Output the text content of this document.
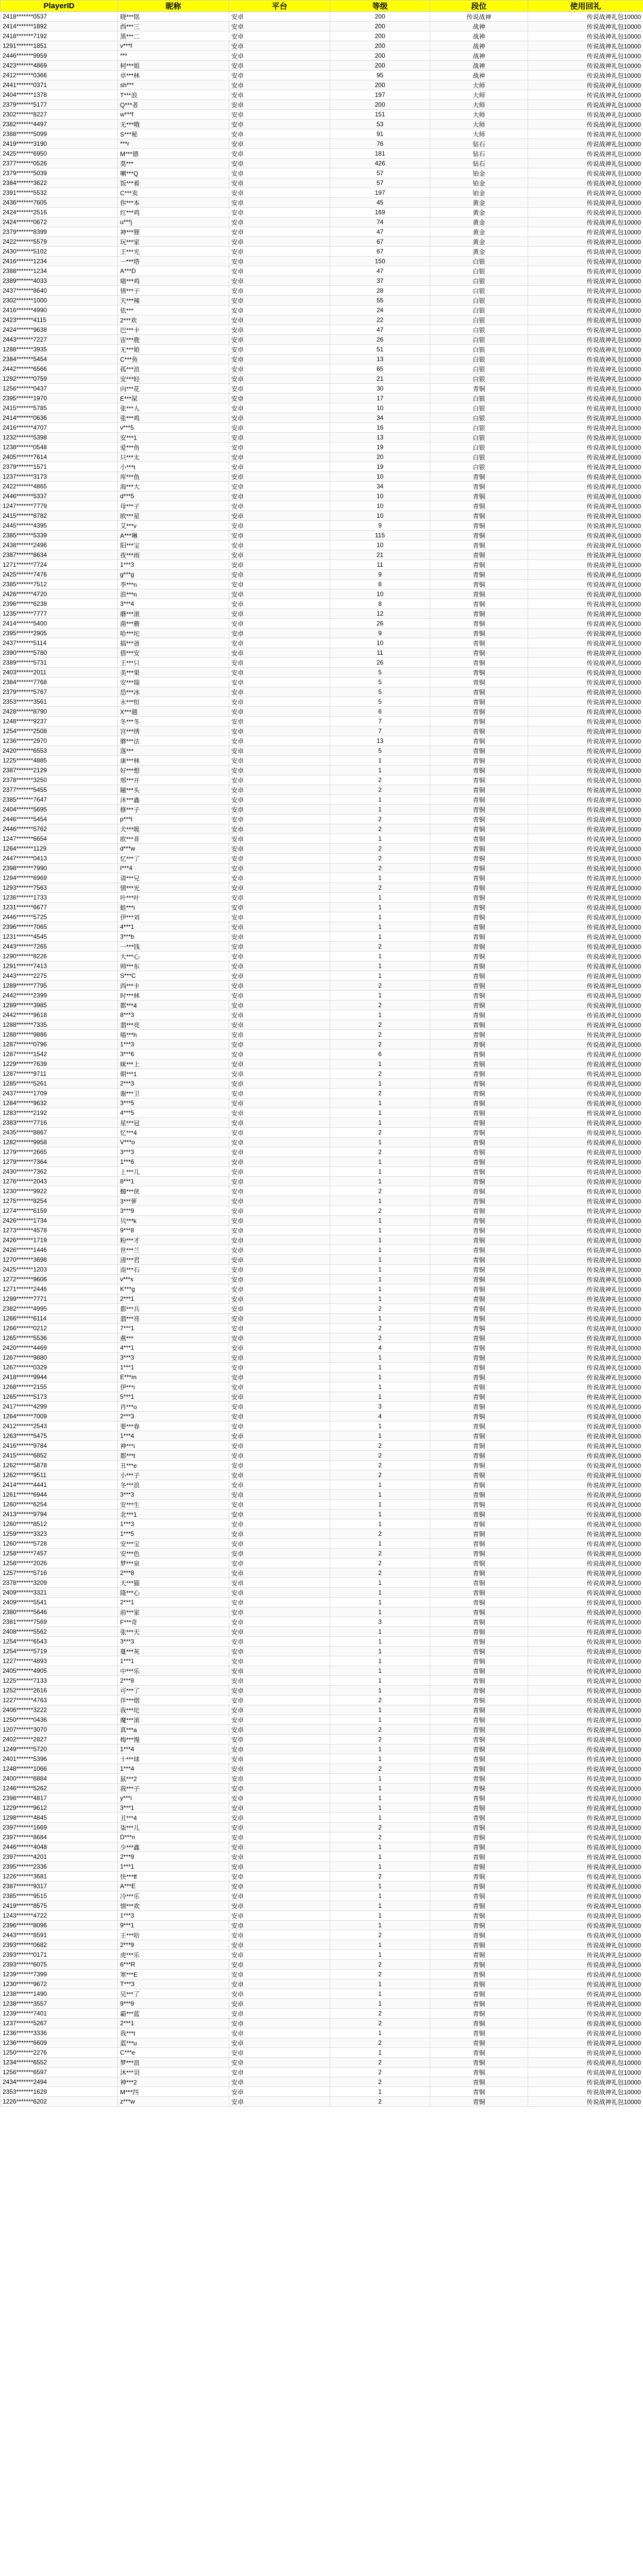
PlayerID	昵称	平台	等级	段位	使用回礼
2418*******0537	晓***铭	安卓	200	传说战神	传说战神礼包10000
2414*******1892	西***三	安卓	200	战神	传说战神礼包10000
2418*******7192	黑***二	安卓	200	战神	传说战神礼包10000
1291*******1851	v***f	安卓	200	战神	传说战神礼包10000
2446*******9959	***	安卓	200	战神	传说战神礼包10000
2423*******4869	柯***姐	安卓	200	战神	传说战神礼包10000
2412*******0366	卓***林	安卓	95	战神	传说战神礼包10000
2441*******0371	sh***	安卓	200	大师	传说战神礼包10000
2404*******1378	T***浪	安卓	197	大师	传说战神礼包10000
2379*******5177	Q***者	安卓	200	大师	传说战神礼包10000
2302*******8227	w***f	安卓	151	大师	传说战神礼包10000
2382*******4497	无***哦	安卓	53	大师	传说战神礼包10000
2388*******5099	S***秘	安卓	91	大师	传说战神礼包10000
2419*******3190	***r	安卓	76	钻石	传说战神礼包10000
2425*******6950	M***德	安卓	181	钻石	传说战神礼包10000
2377*******0526	莫***	安卓	426	钻石	传说战神礼包10000
2379*******5039	喇***Q	安卓	57	铂金	传说战神礼包10000
2384*******3622	饭***着	安卓	57	铂金	传说战神礼包10000
2391*******5532	C***卖	安卓	197	铂金	传说战神礼包10000
2436*******7605	你***本	安卓	45	黄金	传说战神礼包10000
2424*******2516	红***鸡	安卓	169	黄金	传说战神礼包10000
2424*******0672	u***j	安卓	74	黄金	传说战神礼包10000
2379*******8399	神***狸	安卓	47	黄金	传说战神礼包10000
2422*******5579	玩***家	安卓	67	黄金	传说战神礼包10000
2430*******5102	王***光	安卓	67	黄金	传说战神礼包10000
2416*******1234	一***塔	安卓	150	白银	传说战神礼包10000
2388*******1234	A***D	安卓	47	白银	传说战神礼包10000
2389*******4033	喵***鸡	安卓	37	白银	传说战神礼包10000
2437*******8640	情***子	安卓	28	白银	传说战神礼包10000
2302*******1000	天***辣	安卓	55	白银	传说战神礼包10000
2416*******4990	依***	安卓	24	白银	传说战神礼包10000
2423*******4115	2***欢	安卓	22	白银	传说战神礼包10000
2424*******9638	巴***卡	安卓	47	白银	传说战神礼包10000
2443*******7227	宙***鹿	安卓	26	白银	传说战神礼包10000
1288*******3935	无***娘	安卓	51	白银	传说战神礼包10000
2384*******5454	C***鱼	安卓	13	白银	传说战神礼包10000
2442*******6566	孤***浪	安卓	65	白银	传说战神礼包10000
1292*******0759	安***轻	安卓	21	白银	传说战神礼包10000
1256*******0437	向***花	安卓	30	青铜	传说战神礼包10000
2395*******1970	E***屎	安卓	17	白银	传说战神礼包10000
2415*******5785	张***人	安卓	10	白银	传说战神礼包10000
2414*******0636	张***鸡	安卓	34	白银	传说战神礼包10000
2416*******4707	v***5	安卓	16	白银	传说战神礼包10000
1232*******5398	安***1	安卓	13	白银	传说战神礼包10000
1238*******0548	爱***鱼	安卓	19	白银	传说战神礼包10000
2405*******7614	只***太	安卓	20	白银	传说战神礼包10000
2379*******1571	小***t	安卓	19	白银	传说战神礼包10000
1237*******3173	库***鱼	安卓	10	青铜	传说战神礼包10000
2422*******4865	海***大	安卓	34	青铜	传说战神礼包10000
2446*******5337	d***5	安卓	10	青铜	传说战神礼包10000
1247*******7779	母***子	安卓	10	青铜	传说战神礼包10000
2415*******8782	欧***星	安卓	10	青铜	传说战神礼包10000
2445*******4395	艾***v	安卓	9	青铜	传说战神礼包10000
2385*******5339	A***琳	安卓	115	青铜	传说战神礼包10000
2438*******2496	阳***宝	安卓	10	青铜	传说战神礼包10000
2387*******8634	夜***雨	安卓	21	青铜	传说战神礼包10000
1271*******7724	1***3	安卓	11	青铜	传说战神礼包10000
2425*******7476	g***g	安卓	9	青铜	传说战神礼包10000
2385*******7512	李***n	安卓	8	青铜	传说战神礼包10000
2426*******4720	浪***n	安卓	10	青铜	传说战神礼包10000
2396*******6238	3***4	安卓	8	青铜	传说战神礼包10000
1235*******7777	蘑***滚	安卓	12	青铜	传说战神礼包10000
2414*******5400	菌***蘑	安卓	26	青铜	传说战神礼包10000
2395*******2905	哈***坨	安卓	9	青铜	传说战神礼包10000
2437*******5114	搞***爸	安卓	10	青铜	传说战神礼包10000
2390*******5780	借***安	安卓	11	青铜	传说战神礼包10000
2389*******5731	王***只	安卓	26	青铜	传说战神礼包10000
2403*******2011	美***果	安卓	5	青铜	传说战神礼包10000
2384*******7768	安***瑞	安卓	5	青铜	传说战神礼包10000
2379*******5767	恐***冰	安卓	5	青铜	传说战神礼包10000
2353*******3561	永***恒	安卓	5	青铜	传说战神礼包10000
2428*******8790	X***越	安卓	6	青铜	传说战神礼包10000
1248*******9237	冬***冬	安卓	7	青铜	传说战神礼包10000
1254*******2508	宫***绣	安卓	7	青铜	传说战神礼包10000
1236*******2970	蘑***法	安卓	13	青铜	传说战神礼包10000
2420*******6553	落***	安卓	5	青铜	传说战神礼包10000
1225*******4885	康***林	安卓	1	青铜	传说战神礼包10000
2387*******2129	好***想	安卓	1	青铜	传说战神礼包10000
2378*******3250	邢***开	安卓	2	青铜	传说战神礼包10000
2377*******5455	瞳***头	安卓	2	青铜	传说战神礼包10000
2385*******7647	沐***鑫	安卓	1	青铜	传说战神礼包10000
2404*******5695	修***子	安卓	1	青铜	传说战神礼包10000
2446*******5454	p***t	安卓	2	青铜	传说战神礼包10000
2446*******5762	犬***吸	安卓	2	青铜	传说战神礼包10000
1247*******6654	欧***菲	安卓	1	青铜	传说战神礼包10000
1264*******1129	d***w	安卓	2	青铜	传说战神礼包10000
2447*******0413	忆***了	安卓	2	青铜	传说战神礼包10000
2398*******7990	I***4	安卓	2	青铜	传说战神礼包10000
1294*******6969	请***兄	安卓	1	青铜	传说战神礼包10000
1293*******7563	情***光	安卓	2	青铜	传说战神礼包10000
1236*******1733	叶***叶	安卓	1	青铜	传说战神礼包10000
1231*******6677	蛙***i	安卓	1	青铜	传说战神礼包10000
2446*******5725	伊***刘	安卓	1	青铜	传说战神礼包10000
2396*******7065	4***1	安卓	1	青铜	传说战神礼包10000
1231*******4545	3***b	安卓	1	青铜	传说战神礼包10000
2443*******7265	一***钱	安卓	2	青铜	传说战神礼包10000
1290*******8226	大***心	安卓	1	青铜	传说战神礼包10000
1291*******7413	帅***东	安卓	1	青铜	传说战神礼包10000
2443*******2275	S***C	安卓	1	青铜	传说战神礼包10000
1289*******7795	西***卡	安卓	2	青铜	传说战神礼包10000
2442*******2399	时***林	安卓	1	青铜	传说战神礼包10000
1289*******3985	都***4	安卓	2	青铜	传说战神礼包10000
2442*******9618	8***3	安卓	1	青铜	传说战神礼包10000
1288*******7335	翡***亮	安卓	2	青铜	传说战神礼包10000
1288*******9886	喵***h	安卓	2	青铜	传说战神礼包10000
1287*******0796	1***3	安卓	2	青铜	传说战神礼包10000
1287*******1542	3***6	安卓	6	青铜	传说战神礼包10000
1229*******7639	咪***上	安卓	1	青铜	传说战神礼包10000
1287*******9711	朝***1	安卓	2	青铜	传说战神礼包10000
1285*******5261	2***3	安卓	1	青铜	传说战神礼包10000
2437*******1709	谢***卫	安卓	2	青铜	传说战神礼包10000
1284*******9632	3***5	安卓	1	青铜	传说战神礼包10000
1283*******2192	4***5	安卓	1	青铜	传说战神礼包10000
2383*******7716	星***冠	安卓	1	青铜	传说战神礼包10000
2435*******8867	忆***4	安卓	2	青铜	传说战神礼包10000
1282*******9958	V***o	安卓	1	青铜	传说战神礼包10000
1279*******2665	3***3	安卓	2	青铜	传说战神礼包10000
1279*******7364	1***6	安卓	1	青铜	传说战神礼包10000
2430*******7362	上***儿	安卓	1	青铜	传说战神礼包10000
1276*******2043	8***1	安卓	1	青铜	传说战神礼包10000
1230*******9922	蜘***侠	安卓	2	青铜	传说战神礼包10000
1275*******8254	3***萝	安卓	1	青铜	传说战神礼包10000
1274*******6159	3***9	安卓	2	青铜	传说战神礼包10000
2426*******1734	贝***k	安卓	1	青铜	传说战神礼包10000
1273*******4578	9***8	安卓	1	青铜	传说战神礼包10000
2426*******1719	粉***才	安卓	1	青铜	传说战神礼包10000
2426*******1446	世***兰	安卓	1	青铜	传说战神礼包10000
1270*******3698	清***君	安卓	1	青铜	传说战神礼包10000
2425*******1203	南***石	安卓	1	青铜	传说战神礼包10000
1272*******9606	v***s	安卓	1	青铜	传说战神礼包10000
1271*******2446	K***g	安卓	1	青铜	传说战神礼包10000
1299*******7771	2***1	安卓	1	青铜	传说战神礼包10000
2382*******4995	都***兵	安卓	2	青铜	传说战神礼包10000
1266*******6114	翡***亮	安卓	1	青铜	传说战神礼包10000
1266*******0212	7***1	安卓	2	青铜	传说战神礼包10000
1265*******5536	燕***	安卓	2	青铜	传说战神礼包10000
2420*******4469	4***1	安卓	4	青铜	传说战神礼包10000
1267*******9880	3***3	安卓	1	青铜	传说战神礼包10000
1267*******0329	1***1	安卓	1	青铜	传说战神礼包10000
2418*******9944	E***m	安卓	1	青铜	传说战神礼包10000
1268*******2155	伊***i	安卓	1	青铜	传说战神礼包10000
1265*******5173	5***1	安卓	1	青铜	传说战神礼包10000
2417*******4299	肖***o	安卓	3	青铜	传说战神礼包10000
1264*******7009	2***3	安卓	4	青铜	传说战神礼包10000
2412*******2543	要***春	安卓	1	青铜	传说战神礼包10000
1263*******5475	1***4	安卓	1	青铜	传说战神礼包10000
2416*******9784	神***i	安卓	2	青铜	传说战神礼包10000
2415*******6852	都***t	安卓	2	青铜	传说战神礼包10000
1262*******5878	丑***e	安卓	2	青铜	传说战神礼包10000
1262*******9511	小***子	安卓	2	青铜	传说战神礼包10000
2414*******4441	冬***浪	安卓	1	青铜	传说战神礼包10000
1261*******6944	3***3	安卓	1	青铜	传说战神礼包10000
1260*******6254	安***生	安卓	1	青铜	传说战神礼包10000
2413*******9794	北***1	安卓	1	青铜	传说战神礼包10000
1260*******8512	1***3	安卓	1	青铜	传说战神礼包10000
1259*******3323	1***5	安卓	2	青铜	传说战神礼包10000
1260*******5728	安***宝	安卓	1	青铜	传说战神礼包10000
1258*******7457	安***色	安卓	2	青铜	传说战神礼包10000
1258*******2026	梦***泉	安卓	2	青铜	传说战神礼包10000
1257*******5716	2***8	安卓	2	青铜	传说战神礼包10000
2378*******3209	天***猫	安卓	1	青铜	传说战神礼包10000
2409*******3321	隆***心	安卓	1	青铜	传说战神礼包10000
2409*******5541	2***1	安卓	1	青铜	传说战神礼包10000
2380*******5646	前***家	安卓	1	青铜	传说战神礼包10000
2381*******7569	F***奇	安卓	3	青铜	传说战神礼包10000
2408*******5562	张***天	安卓	1	青铜	传说战神礼包10000
1254*******6543	3***3	安卓	1	青铜	传说战神礼包10000
1254*******5719	蔓***灰	安卓	1	青铜	传说战神礼包10000
1227*******4893	1***1	安卓	1	青铜	传说战神礼包10000
2405*******4905	中***乐	安卓	1	青铜	传说战神礼包10000
1225*******7133	2***8	安卓	1	青铜	传说战神礼包10000
1252*******2616	可***了	安卓	1	青铜	传说战神礼包10000
1227*******4763	伴***熠	安卓	2	青铜	传说战神礼包10000
2406*******3222	我***坨	安卓	1	青铜	传说战神礼包10000
1250*******0436	魔***滚	安卓	1	青铜	传说战神礼包10000
1207*******3070	真***a	安卓	2	青铜	传说战神礼包10000
2402*******2827	梅***馒	安卓	2	青铜	传说战神礼包10000
1249*******5720	1***4	安卓	1	青铜	传说战神礼包10000
2401*******5396	十***球	安卓	1	青铜	传说战神礼包10000
1248*******1066	1***4	安卓	2	青铜	传说战神礼包10000
2400*******6884	鼠***2	安卓	1	青铜	传说战神礼包10000
1246*******5262	我***子	安卓	1	青铜	传说战神礼包10000
2398*******4817	y***i	安卓	1	青铜	传说战神礼包10000
1229*******9612	3***1	安卓	1	青铜	传说战神礼包10000
1298*******4845	丑***4	安卓	1	青铜	传说战神礼包10000
2397*******1669	柒***儿	安卓	2	青铜	传说战神礼包10000
2397*******8684	D***n	安卓	2	青铜	传说战神礼包10000
2446*******4048	少***鑫	安卓	1	青铜	传说战神礼包10000
2397*******4201	2***9	安卓	1	青铜	传说战神礼包10000
2395*******2336	1***1	安卓	1	青铜	传说战神礼包10000
1226*******3681	快***ff	安卓	2	青铜	传说战神礼包10000
2387*******9317	A***E	安卓	1	青铜	传说战神礼包10000
2385*******9515	冷***乐	安卓	1	青铜	传说战神礼包10000
2419*******8575	情***欢	安卓	1	青铜	传说战神礼包10000
1243*******4722	1***3	安卓	1	青铜	传说战神礼包10000
2396*******8096	9***1	安卓	1	青铜	传说战神礼包10000
2443*******8591	王***哈	安卓	2	青铜	传说战神礼包10000
2393*******0682	2***9	安卓	1	青铜	传说战神礼包10000
2393*******0171	虎***乐	安卓	1	青铜	传说战神礼包10000
2393*******6075	6***R	安卓	2	青铜	传说战神礼包10000
1239*******7399	寒***E	安卓	2	青铜	传说战神礼包10000
1230*******9672	T***3	安卓	1	青铜	传说战神礼包10000
1238*******1490	吴***了	安卓	1	青铜	传说战神礼包10000
1238*******3557	9***9	安卓	1	青铜	传说战神礼包10000
1239*******7401	霸***蓝	安卓	2	青铜	传说战神礼包10000
1237*******5267	2***1	安卓	2	青铜	传说战神礼包10000
1236*******3336	我***t	安卓	1	青铜	传说战神礼包10000
1236*******6609	蓝***u	安卓	2	青铜	传说战神礼包10000
1250*******2276	C***e	安卓	1	青铜	传说战神礼包10000
1234*******6552	梦***浪	安卓	2	青铜	传说战神礼包10000
1256*******6597	沐***羽	安卓	2	青铜	传说战神礼包10000
2434*******2494	神***2	安卓	2	青铜	传说战神礼包10000
2353*******1629	M***四	安卓	1	青铜	传说战神礼包10000
1226*******6202	z***w	安卓	2	青铜	传说战神礼包10000
